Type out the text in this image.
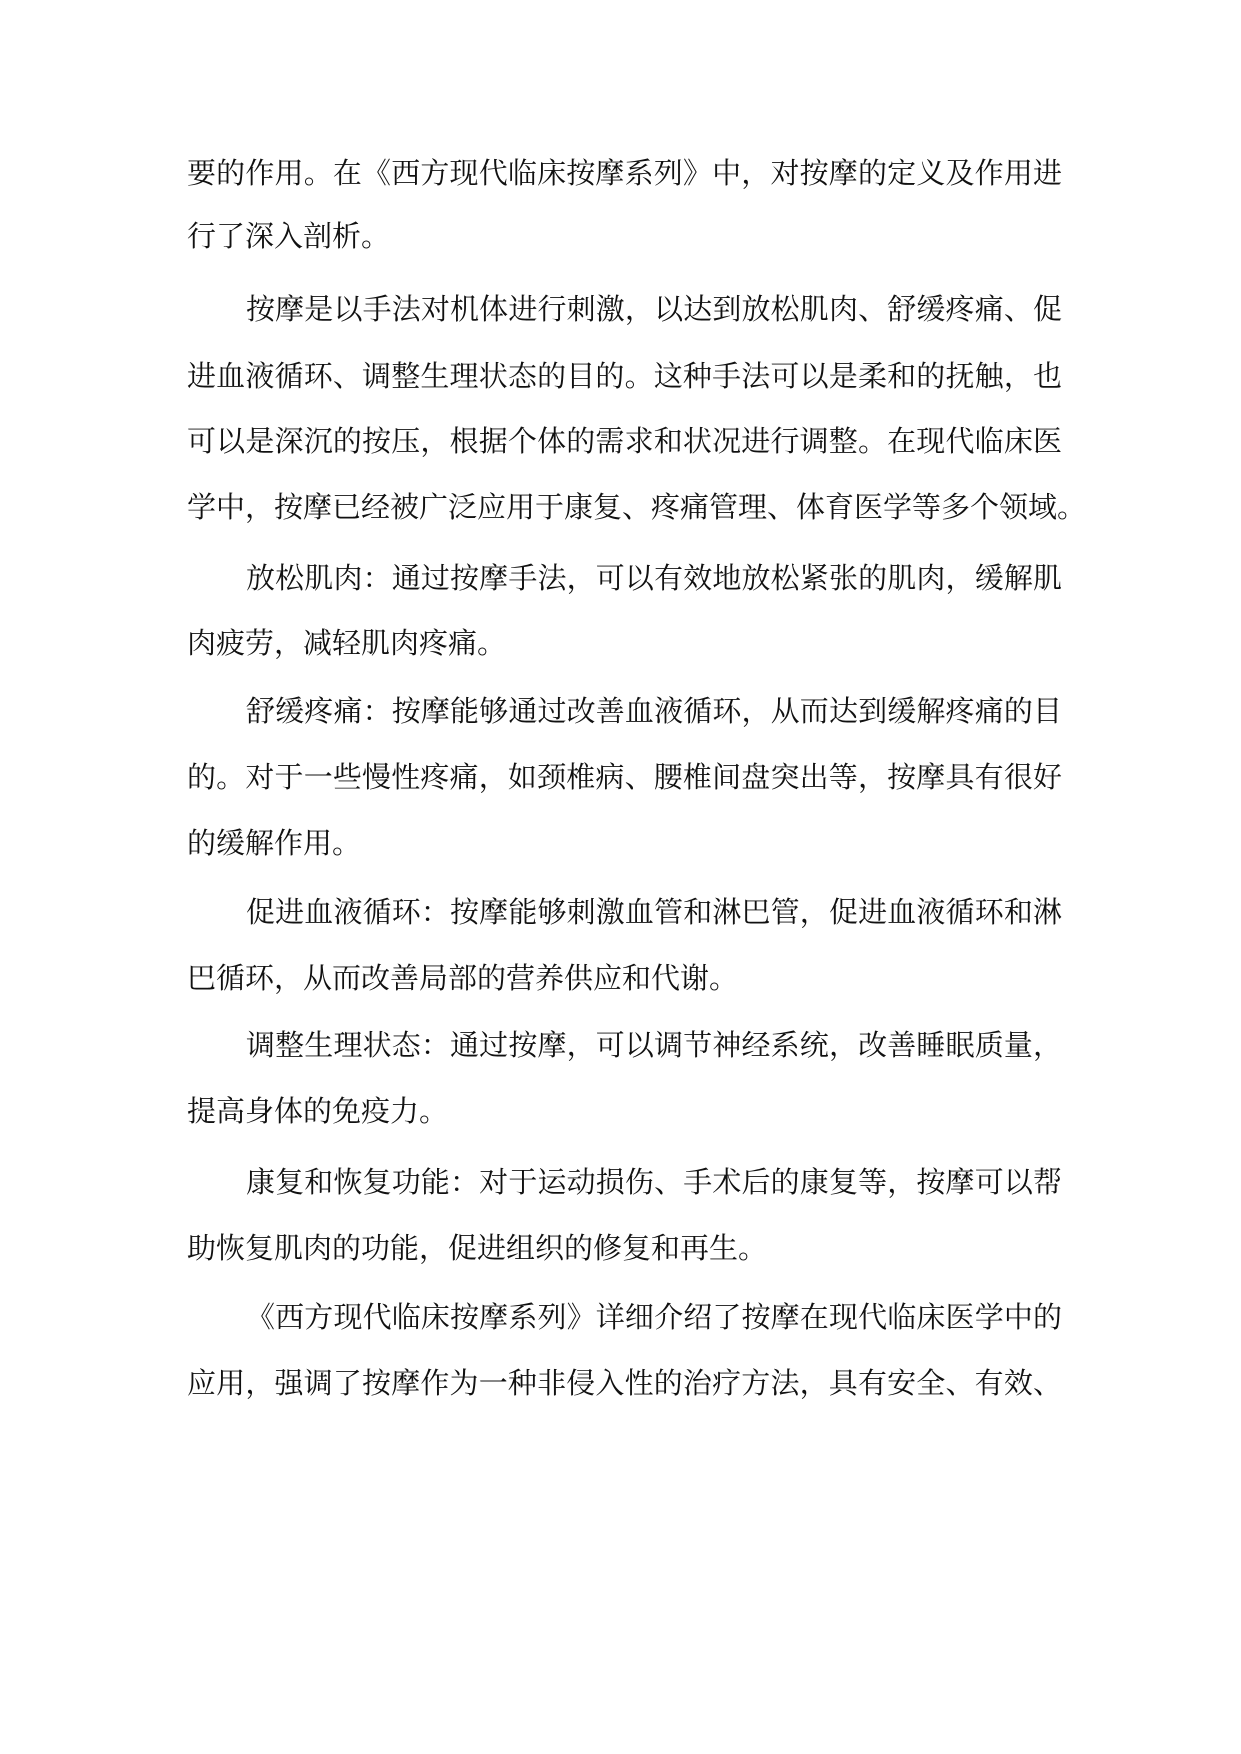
要的作用。在《西方现代临床按摩系列》中，对按摩的定义及作用进

行了深入剖析。

按摩是以手法对机体进行刺激，以达到放松肌肉、舒缓疼痛、促

进血液循环、调整生理状态的目的。这种手法可以是柔和的抚触，也

可以是深沉的按压，根据个体的需求和状况进行调整。在现代临床医

学中，按摩已经被广泛应用于康复、疼痛管理、体育医学等多个领域。

放松肌肉：通过按摩手法，可以有效地放松紧张的肌肉，缓解肌

肉疲劳，减轻肌肉疼痛。

舒缓疼痛：按摩能够通过改善血液循环，从而达到缓解疼痛的目

的。对于一些慢性疼痛，如颈椎病、腰椎间盘突出等，按摩具有很好

的缓解作用。

促进血液循环：按摩能够刺激血管和淋巴管，促进血液循环和淋

巴循环，从而改善局部的营养供应和代谢。

调整生理状态：通过按摩，可以调节神经系统，改善睡眠质量，

提高身体的免疫力。

康复和恢复功能：对于运动损伤、手术后的康复等，按摩可以帮

助恢复肌肉的功能，促进组织的修复和再生。

《西方现代临床按摩系列》详细介绍了按摩在现代临床医学中的

应用，强调了按摩作为一种非侵入性的治疗方法，具有安全、有效、
